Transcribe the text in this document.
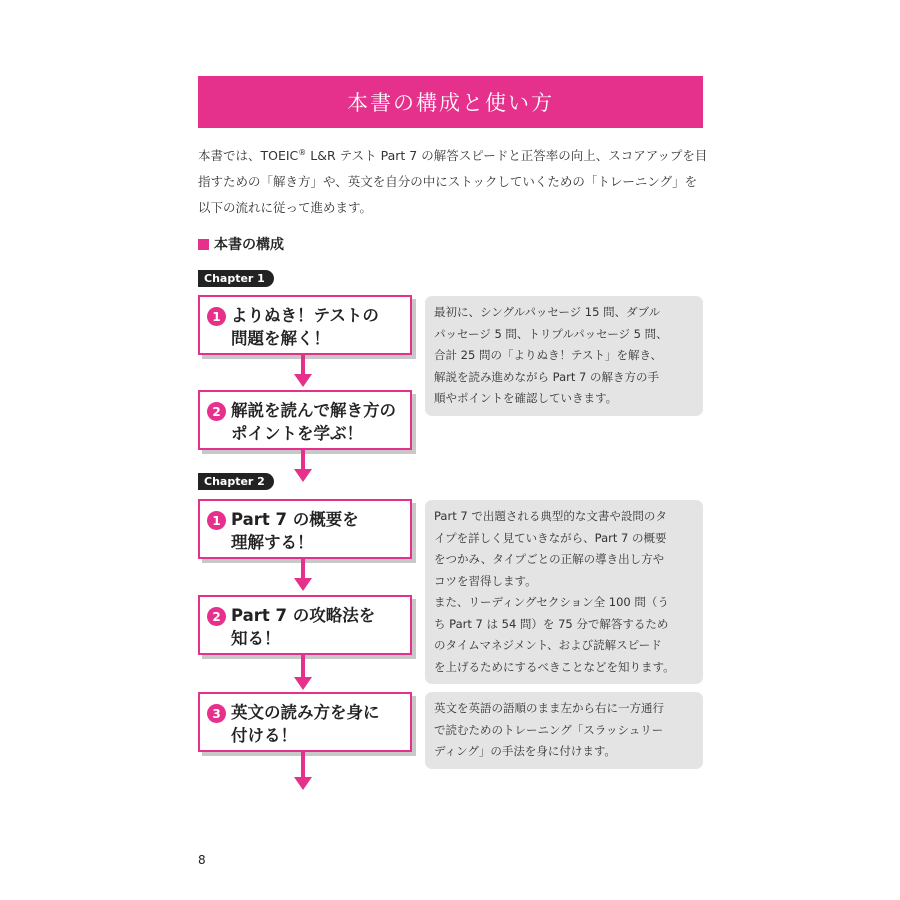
本書の構成と使い方

本書では、TOEIC® L&R テスト Part 7 の解答スピードと正答率の向上、スコアアップを目指すための「解き方」や、英文を自分の中にストックしていくための「トレーニング」を以下の流れに従って進めます。

本書の構成
Chapter 1
1 よりぬき！テストの
問題を解く！
2 解説を読んで解き方の
ポイントを学ぶ！
最初に、シングルパッセージ 15 問、ダブル
パッセージ 5 問、トリプルパッセージ 5 問、
合計 25 問の「よりぬき！テスト」を解き、
解説を読み進めながら Part 7 の解き方の手
順やポイントを確認していきます。
Chapter 2
1 Part 7 の概要を
理解する！
2 Part 7 の攻略法を
知る！
3 英文の読み方を身に
付ける！
Part 7 で出題される典型的な文書や設問のタ
イプを詳しく見ていきながら、Part 7 の概要
をつかみ、タイプごとの正解の導き出し方や
コツを習得します。
また、リーディングセクション全 100 問（う
ち Part 7 は 54 問）を 75 分で解答するため
のタイムマネジメント、および読解スピード
を上げるためにするべきことなどを知ります。
英文を英語の語順のまま左から右に一方通行
で読むためのトレーニング「スラッシュリー
ディング」の手法を身に付けます。
8
